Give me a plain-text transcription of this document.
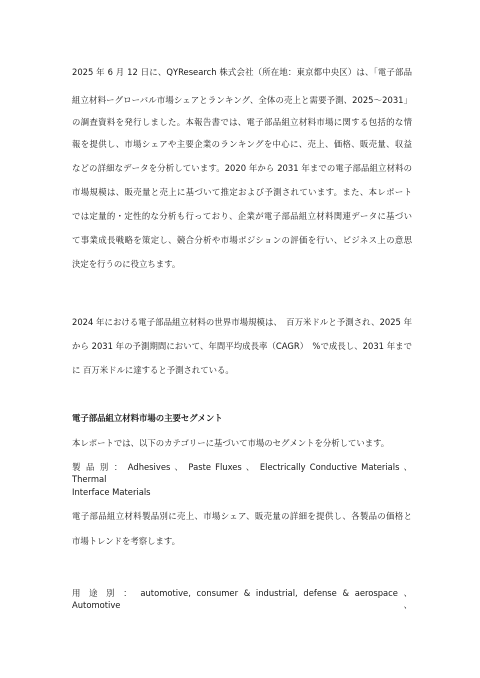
2025 年 6 月 12 日に、QYResearch 株式会社（所在地：東京都中央区）は、「電子部品
組立材料ーグローバル市場シェアとランキング、全体の売上と需要予測、2025～2031」
の調査資料を発行しました。本報告書では、電子部品組立材料市場に関する包括的な情
報を提供し、市場シェアや主要企業のランキングを中心に、売上、価格、販売量、収益
などの詳細なデータを分析しています。2020 年から 2031 年までの電子部品組立材料の
市場規模は、販売量と売上に基づいて推定および予測されています。また、本レポート
では定量的・定性的な分析も行っており、企業が電子部品組立材料関連データに基づい
て事業成長戦略を策定し、競合分析や市場ポジションの評価を行い、ビジネス上の意思
決定を行うのに役立ちます。
2024 年における電子部品組立材料の世界市場規模は、　百万米ドルと予測され、2025 年
から 2031 年の予測期間において、年間平均成長率（CAGR）　%で成長し、2031 年まで
に 百万米ドルに達すると予測されている。
電子部品組立材料市場の主要セグメント
本レポートでは、以下のカテゴリーに基づいて市場のセグメントを分析しています。
製 品 別 ： Adhesives 、 Paste Fluxes 、 Electrically Conductive Materials 、 Thermal
Interface Materials
電子部品組立材料製品別に売上、市場シェア、販売量の詳細を提供し、各製品の価格と
市場トレンドを考察します。
用 途 別 ： automotive, consumer & industrial, defense & aerospace 、 Automotive 、
